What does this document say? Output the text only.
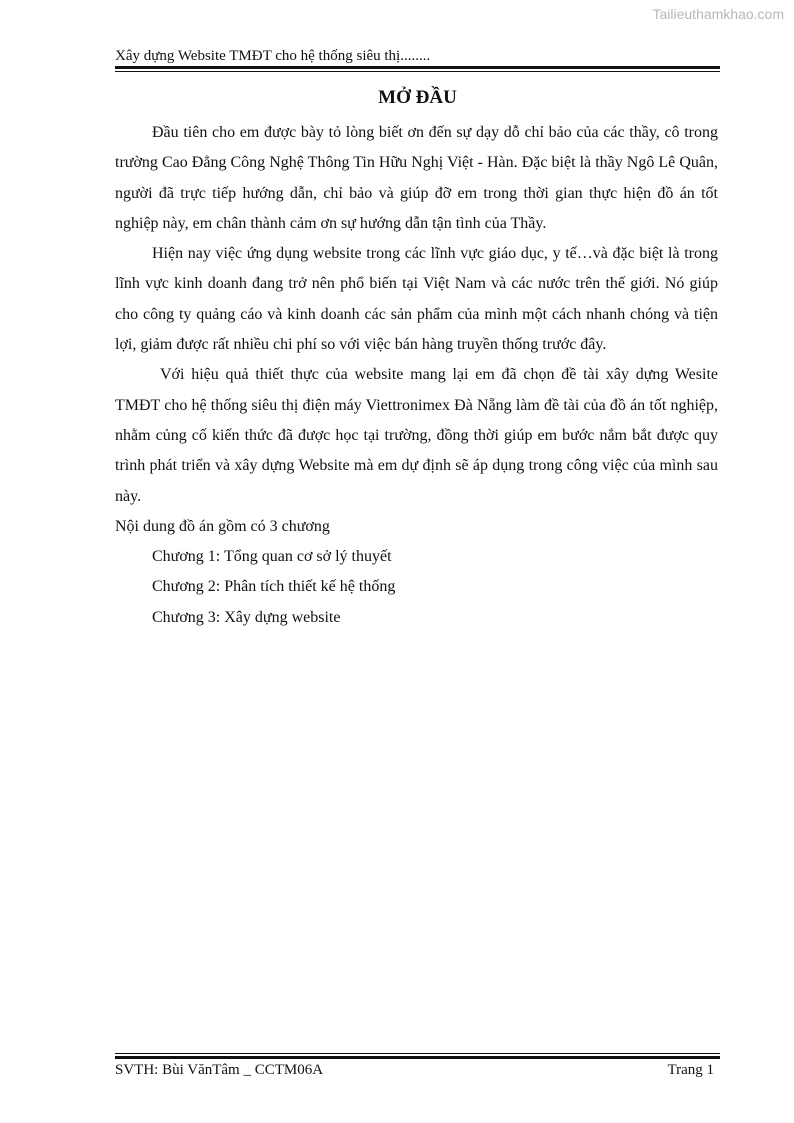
Tailieuthamkhao.com
Xây dựng Website TMĐT cho hệ thống siêu thị........
MỞ ĐẦU

Đầu tiên cho em được bày tỏ lòng biết ơn đến sự dạy dỗ chỉ bảo của các thầy, cô trong trường Cao Đẳng Công Nghệ Thông Tin Hữu Nghị Việt - Hàn. Đặc biệt là thầy Ngô Lê Quân, người đã trực tiếp hướng dẫn, chỉ bảo và giúp đỡ em trong thời gian thực hiện đồ án tốt nghiệp này, em chân thành cảm ơn sự hướng dẫn tận tình của Thầy.

Hiện nay việc ứng dụng website trong các lĩnh vực giáo dục, y tế…và đặc biệt là trong lĩnh vực kinh doanh đang trở nên phổ biến tại Việt Nam và các nước trên thế giới. Nó giúp cho công ty quảng cáo và kinh doanh các sản phẩm của mình một cách nhanh chóng và tiện lợi, giảm được rất nhiều chi phí so với việc bán hàng truyền thống trước đây.

Với hiệu quả thiết thực của website mang lại em đã chọn đề tài xây dựng Wesite TMĐT cho hệ thống siêu thị điện máy Viettronimex Đà Nẵng làm đề tài của đồ án tốt nghiệp, nhằm củng cố kiến thức đã được học tại trường, đồng thời giúp em bước nắm bắt được quy trình phát triển và xây dựng Website mà em dự định sẽ áp dụng trong công việc của mình sau này.

Nội dung đồ án gồm có 3 chương

Chương 1: Tổng quan cơ sở lý thuyết

Chương 2: Phân tích thiết kế hệ thống

Chương 3: Xây dựng website

SVTH: Bùi VănTâm _ CCTM06A	Trang 1
